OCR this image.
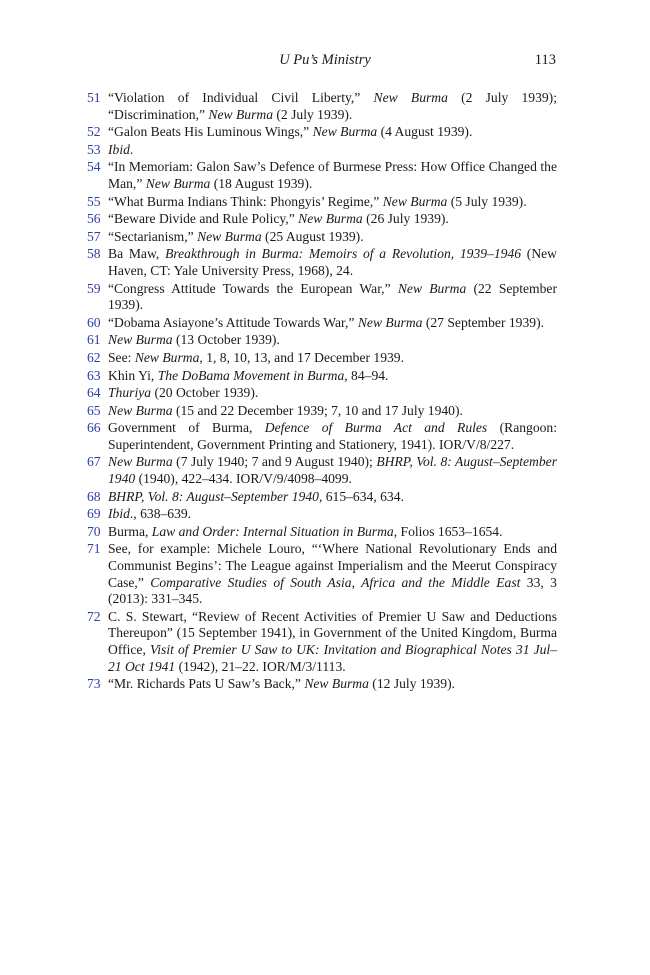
U Pu’s Ministry	113
51 “Violation of Individual Civil Liberty,” New Burma (2 July 1939); “Discrimination,” New Burma (2 July 1939).
52 “Galon Beats His Luminous Wings,” New Burma (4 August 1939).
53 Ibid.
54 “In Memoriam: Galon Saw’s Defence of Burmese Press: How Office Changed the Man,” New Burma (18 August 1939).
55 “What Burma Indians Think: Phongyis’ Regime,” New Burma (5 July 1939).
56 “Beware Divide and Rule Policy,” New Burma (26 July 1939).
57 “Sectarianism,” New Burma (25 August 1939).
58 Ba Maw, Breakthrough in Burma: Memoirs of a Revolution, 1939–1946 (New Haven, CT: Yale University Press, 1968), 24.
59 “Congress Attitude Towards the European War,” New Burma (22 September 1939).
60 “Dobama Asiayone’s Attitude Towards War,” New Burma (27 September 1939).
61 New Burma (13 October 1939).
62 See: New Burma, 1, 8, 10, 13, and 17 December 1939.
63 Khin Yi, The DoBama Movement in Burma, 84–94.
64 Thuriya (20 October 1939).
65 New Burma (15 and 22 December 1939; 7, 10 and 17 July 1940).
66 Government of Burma, Defence of Burma Act and Rules (Rangoon: Superintendent, Government Printing and Stationery, 1941). IOR/V/8/227.
67 New Burma (7 July 1940; 7 and 9 August 1940); BHRP, Vol. 8: August–September 1940 (1940), 422–434. IOR/V/9/4098–4099.
68 BHRP, Vol. 8: August–September 1940, 615–634, 634.
69 Ibid., 638–639.
70 Burma, Law and Order: Internal Situation in Burma, Folios 1653–1654.
71 See, for example: Michele Louro, “‘Where National Revolutionary Ends and Communist Begins’: The League against Imperialism and the Meerut Conspiracy Case,” Comparative Studies of South Asia, Africa and the Middle East 33, 3 (2013): 331–345.
72 C. S. Stewart, “Review of Recent Activities of Premier U Saw and Deductions Thereupon” (15 September 1941), in Government of the United Kingdom, Burma Office, Visit of Premier U Saw to UK: Invitation and Biographical Notes 31 Jul–21 Oct 1941 (1942), 21–22. IOR/M/3/1113.
73 “Mr. Richards Pats U Saw’s Back,” New Burma (12 July 1939).
